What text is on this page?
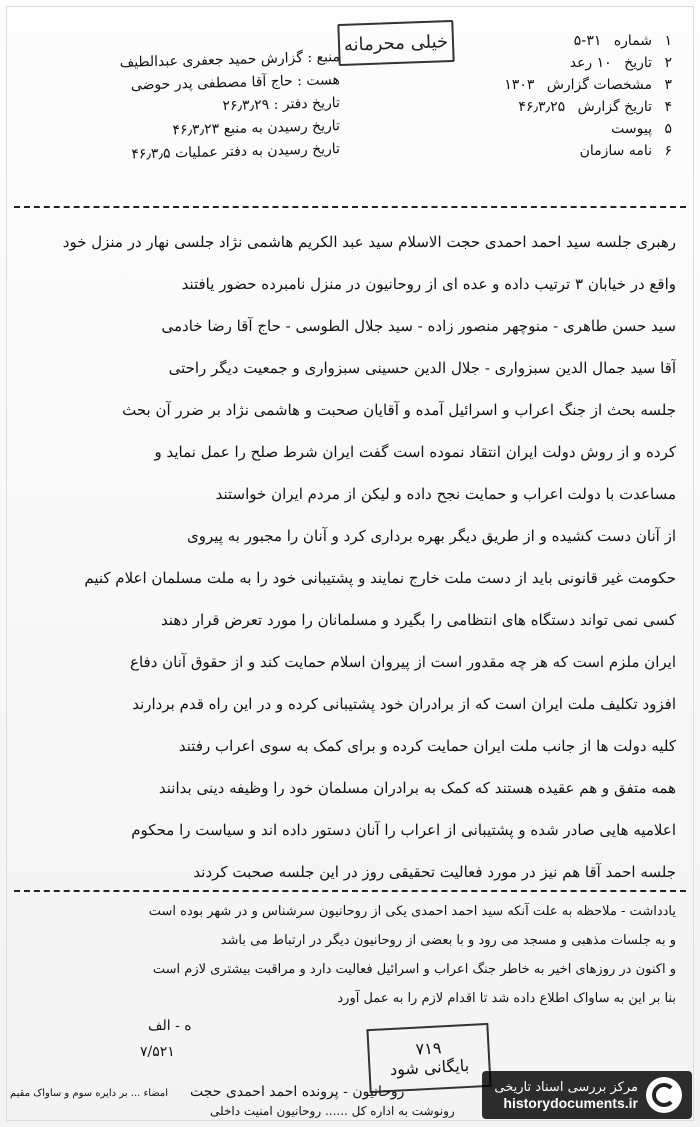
خیلی محرمانه	۱ شماره ۳۱-۵
۲ تاریخ ۱۰ رعد
۳ مشخصات گزارش ۱۳۰۳
۴ تاریخ گزارش ۴۶٫۳٫۲۵
۵ پیوست
۶ نامه سازمان
منبع : گزارش حمید جعفری عبدالطیف
هست : حاج آقا مصطفی پدر حوضی
تاریخ دفتر : ۲۶٫۳٫۲۹
تاریخ رسیدن به منبع ۴۶٫۳٫۲۳
تاریخ رسیدن به دفتر عملیات ۴۶٫۳٫۵
رهبری جلسه سید احمد احمدی حجت الاسلام سید عبد الکریم هاشمی نژاد جلسی نهار در منزل خود
واقع در خیابان ۳ ترتیب داده و عده ای از روحانیون در منزل نامبرده حضور یافتند
سید حسن طاهری - منوچهر منصور زاده - سید جلال الطوسی - حاج آقا رضا خادمی
آقا سید جمال الدین سبزواری - جلال الدین حسینی سبزواری و جمعیت دیگر راحتی
جلسه بحث از جنگ اعراب و اسرائیل آمده و آقایان صحبت و هاشمی نژاد بر ضرر آن بحث
کرده و از روش دولت ایران انتقاد نموده است گفت ایران شرط صلح را عمل نماید و
مساعدت با دولت اعراب و حمایت نجح داده و لیکن از مردم ایران خواستند
از آنان دست کشیده و از طریق دیگر بهره برداری کرد و آنان را مجبور به پیروی
حکومت غیر قانونی باید از دست ملت خارج نمایند و پشتیبانی خود را به ملت مسلمان اعلام کنیم
کسی نمی تواند دستگاه های انتظامی را بگیرد و مسلمانان را مورد تعرض قرار دهند
ایران ملزم است که هر چه مقدور است از پیروان اسلام حمایت کند و از حقوق آنان دفاع
افزود تکلیف ملت ایران است که از برادران خود پشتیبانی کرده و در این راه قدم بردارند
کلیه دولت ها از جانب ملت ایران حمایت کرده و برای کمک به سوی اعراب رفتند
همه متفق و هم عقیده هستند که کمک به برادران مسلمان خود را وظیفه دینی بدانند
اعلامیه هایی صادر شده و پشتیبانی از اعراب را آنان دستور داده اند و سیاست را محکوم
جلسه احمد آقا هم نیز در مورد فعالیت تحقیقی روز در این جلسه صحبت کردند
یادداشت - ملاحظه به علت آنکه سید احمد احمدی یکی از روحانیون سرشناس و در شهر بوده است
و به جلسات مذهبی و مسجد می رود و با بعضی از روحانیون دیگر در ارتباط می باشد
و اکنون در روزهای اخیر به خاطر جنگ اعراب و اسرائیل فعالیت دارد و مراقبت بیشتری لازم است
بنا بر این به ساواک اطلاع داده شد تا اقدام لازم را به عمل آورد
ه - الف
۷/۵۲۱	۷۱۹
بایگانی شود
روحانیون - پرونده احمد احمدی حجت
رونوشت به اداره کل ...... روحانیون امنیت داخلی
امضاء ... بر دایره سوم و ساواک مقیم	مرکز بررسی اسناد تاریخی
historydocuments.ir
